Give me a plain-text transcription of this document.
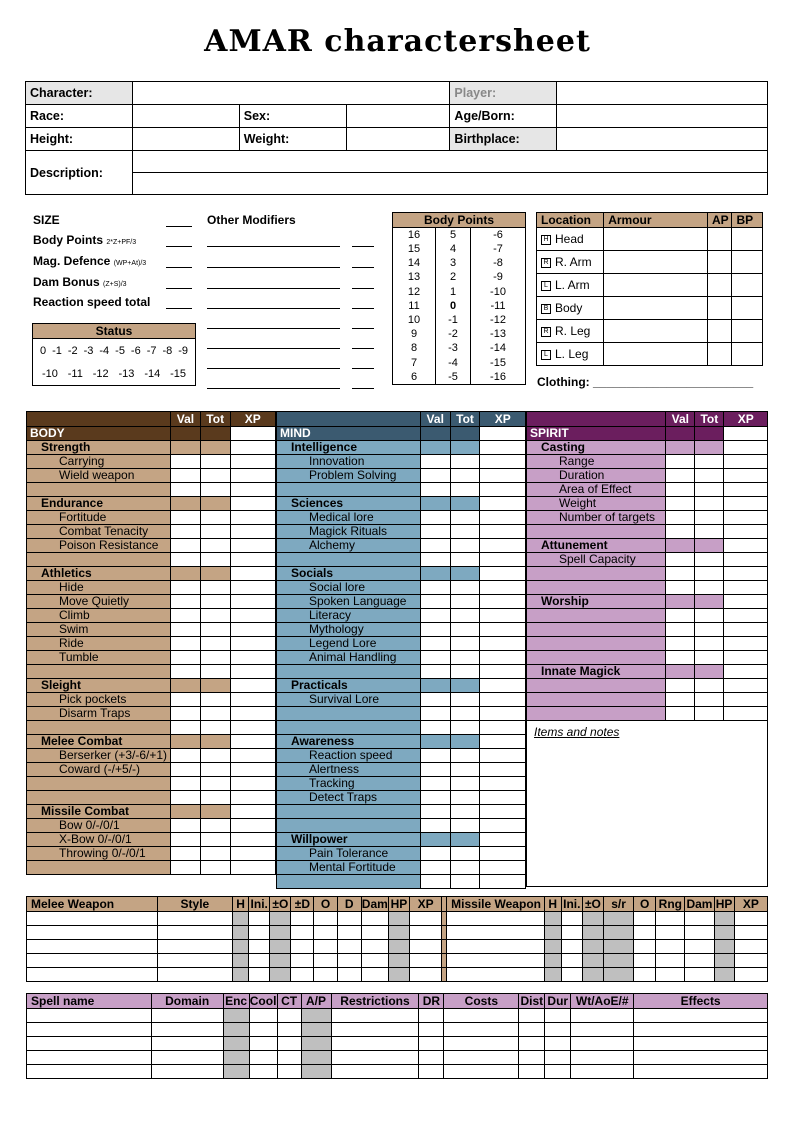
AMAR charactersheet
Character:				Player:	
Race:		Sex:		Age/Born:	
Height:		Weight:		Birthplace:	
Description:					

SIZE
Body Points 2*Z+PF/3
Mag. Defence (WP+At)/3
Dam Bonus (Z+S)/3
Reaction speed total
Other Modifiers
Status
0 -1 -2 -3 -4 -5 -6 -7 -8 -9
-10 -11 -12 -13 -14 -15
Body Points		
16	5	-6
15	4	-7
14	3	-8
13	2	-9
12	1	-10
11	0	-11
10	-1	-12
9	-2	-13
8	-3	-14
7	-4	-15
6	-5	-16
Location	Armour	AP	BP
H Head			
R R. Arm			
L L. Arm			
B Body			
R R. Leg			
L L. Leg			
Clothing: ________________________
	Val	Tot	XP
BODY			
Strength			
Carrying			
Wield weapon			

Endurance			
Fortitude			
Combat Tenacity			
Poison Resistance			

Athletics			
Hide			
Move Quietly			
Climb			
Swim			
Ride			
Tumble			

Sleight			
Pick pockets			
Disarm Traps			

Melee Combat			
Berserker (+3/-6/+1)			
Coward (-/+5/-)			

Missile Combat			
Bow 0/-/0/1			
X-Bow 0/-/0/1			
Throwing 0/-/0/1			

	Val	Tot	XP
MIND			
Intelligence			
Innovation			
Problem Solving			

Sciences			
Medical lore			
Magick Rituals			
Alchemy			

Socials			
Social lore			
Spoken Language			
Literacy			
Mythology			
Legend Lore			
Animal Handling			

Practicals			
Survival Lore			

Awareness			
Reaction speed			
Alertness			
Tracking			
Detect Traps			

Willpower			
Pain Tolerance			
Mental Fortitude			

	Val	Tot	XP
SPIRIT			
Casting			
Range			
Duration			
Area of Effect			
Weight			
Number of targets			

Attunement			
Spell Capacity			

Worship			

Innate Magick			

Items and notes
Melee Weapon	Style	H	Ini.	±O	±D	O	D	Dam	HP	XP		Missile Weapon	H	Ini.	±O	s/r	O	Rng	Dam	HP	XP

Spell name	Domain	Enc	Cool	CT	A/P	Restrictions	DR	Costs	Dist	Dur	Wt/AoE/#	Effects
